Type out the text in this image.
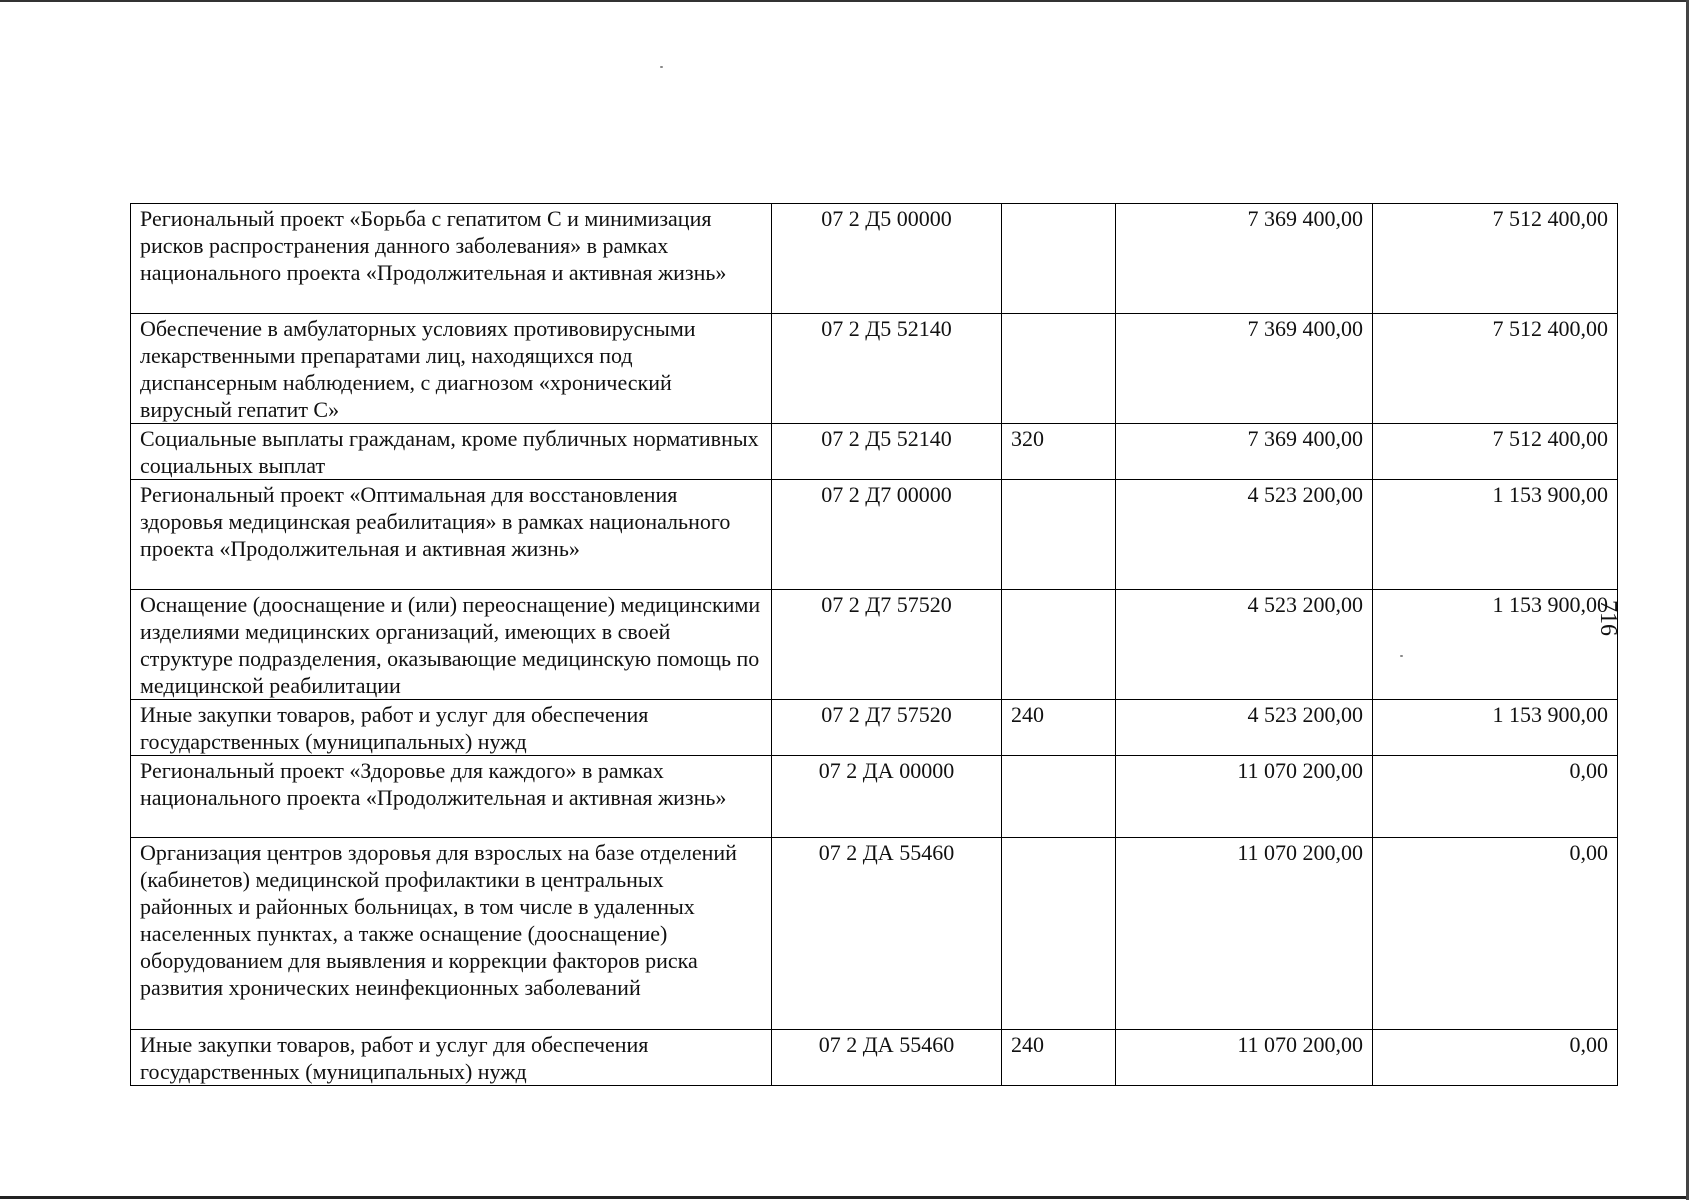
Региональный проект «Борьба с гепатитом С и минимизация рисков распространения данного заболевания» в рамках национального проекта «Продолжительная и активная жизнь»	07 2 Д5 00000		7 369 400,00	7 512 400,00
Обеспечение в амбулаторных условиях противовирусными лекарственными препаратами лиц, находящихся под диспансерным наблюдением, с диагнозом «хронический вирусный гепатит С»	07 2 Д5 52140		7 369 400,00	7 512 400,00
Социальные выплаты гражданам, кроме публичных нормативных социальных выплат	07 2 Д5 52140	320	7 369 400,00	7 512 400,00
Региональный проект «Оптимальная для восстановления здоровья медицинская реабилитация» в рамках национального проекта «Продолжительная и активная жизнь»	07 2 Д7 00000		4 523 200,00	1 153 900,00
Оснащение (дооснащение и (или) переоснащение) медицинскими изделиями медицинских организаций, имеющих в своей структуре подразделения, оказывающие медицинскую помощь по медицинской реабилитации	07 2 Д7 57520		4 523 200,00	1 153 900,00
Иные закупки товаров, работ и услуг для обеспечения государственных (муниципальных) нужд	07 2 Д7 57520	240	4 523 200,00	1 153 900,00
Региональный проект «Здоровье для каждого» в рамках национального проекта «Продолжительная и активная жизнь»	07 2 ДА 00000		11 070 200,00	0,00
Организация центров здоровья для взрослых на базе отделений (кабинетов) медицинской профилактики в центральных районных и районных больницах, в том числе в удаленных населенных пунктах, а также оснащение (дооснащение) оборудованием для выявления и коррекции факторов риска развития хронических неинфекционных заболеваний	07 2 ДА 55460		11 070 200,00	0,00
Иные закупки товаров, работ и услуг для обеспечения государственных (муниципальных) нужд	07 2 ДА 55460	240	11 070 200,00	0,00
716
